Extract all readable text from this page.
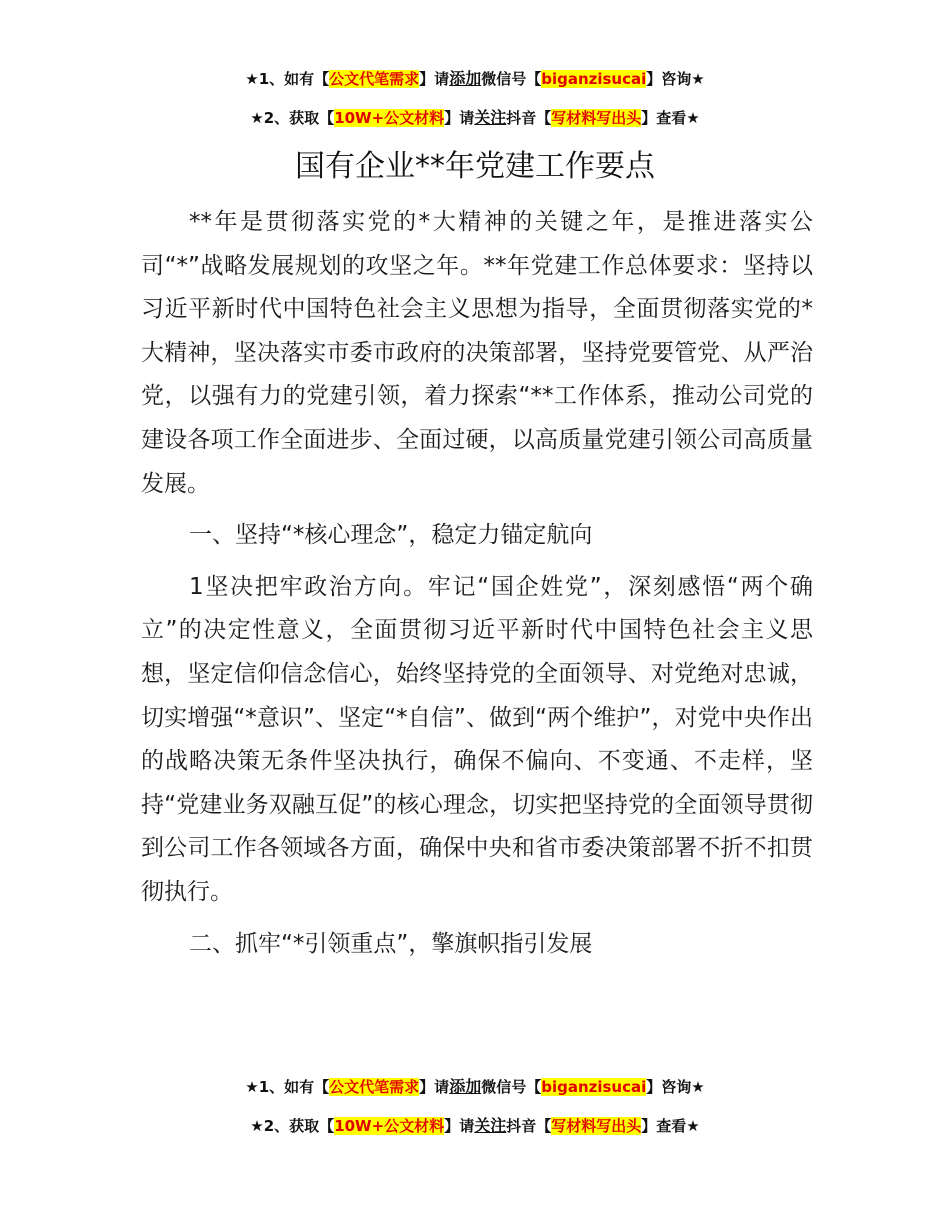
★1、如有【公文代笔需求】请添加微信号【biganzisucai】咨询★
★2、获取【10W+公文材料】请关注抖音【写材料写出头】查看★
国有企业**年党建工作要点

**年是贯彻落实党的*大精神的关键之年，是推进落实公司“*”战略发展规划的攻坚之年。**年党建工作总体要求：坚持以习近平新时代中国特色社会主义思想为指导，全面贯彻落实党的*大精神，坚决落实市委市政府的决策部署，坚持党要管党、从严治党，以强有力的党建引领，着力探索“**工作体系，推动公司党的建设各项工作全面进步、全面过硬，以高质量党建引领公司高质量发展。

一、坚持“*核心理念”，稳定力锚定航向

1坚决把牢政治方向。牢记“国企姓党”，深刻感悟“两个确立”的决定性意义，全面贯彻习近平新时代中国特色社会主义思想，坚定信仰信念信心，始终坚持党的全面领导、对党绝对忠诚，切实增强“*意识”、坚定“*自信”、做到“两个维护”，对党中央作出的战略决策无条件坚决执行，确保不偏向、不变通、不走样，坚持“党建业务双融互促”的核心理念，切实把坚持党的全面领导贯彻到公司工作各领域各方面，确保中央和省市委决策部署不折不扣贯彻执行。

二、抓牢“*引领重点”，擎旗帜指引发展

★1、如有【公文代笔需求】请添加微信号【biganzisucai】咨询★
★2、获取【10W+公文材料】请关注抖音【写材料写出头】查看★
